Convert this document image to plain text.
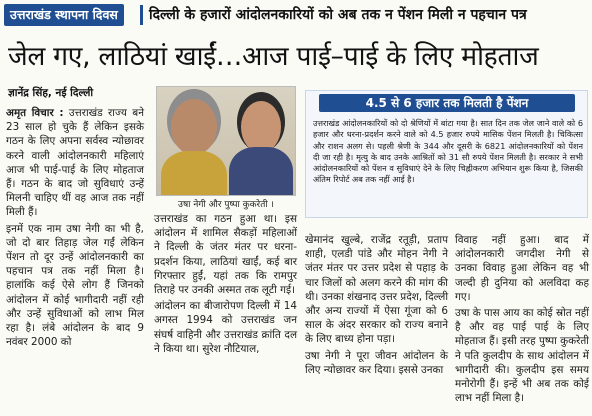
उत्तराखंड स्थापना दिवस	दिल्ली के हजारों आंदोलनकारियों को अब तक न पेंशन मिली न पहचान पत्र
जेल गए, लाठियां खाईं…आज पाई–पाई के लिए मोहताज
ज्ञानेंद्र सिंह, नई दिल्ली
उषा नेगी और पुष्पा कुकरेती ।
4.5 से 6 हजार तक मिलती है पेंशन
उत्तराखंड आंदोलनकारियों को दो श्रेणियों में बांटा गया है। सात दिन तक जेल जाने वाले को 6 हजार और धरना-प्रदर्शन करने वाले को 4.5 हजार रुपये मासिक पेंशन मिलती है। चिकित्सा और राशन अलग से। पहली श्रेणी के 344 और दूसरी के 6821 आंदोलनकारियों को पेंशन दी जा रही है। मृत्यु के बाद उनके आश्रितों को 31 सौ रुपये पेंशन मिलती है। सरकार ने सभी आंदोलनकारियों को पेंशन व सुविधाएं देने के लिए चिह्नीकरण अभियान शुरू किया है, जिसकी अंतिम रिपोर्ट अब तक नहीं आई है।

अमृत विचार : उत्तराखंड राज्य बने 23 साल हो चुके हैं लेकिन इसके गठन के लिए अपना सर्वस्व न्योछावर करने वाली आंदोलनकारी महिलाएं आज भी पाई-पाई के लिए मोहताज हैं। गठन के बाद जो सुविधाएं उन्हें मिलनी चाहिए थीं वह आज तक नहीं मिली हैं।

इनमें एक नाम उषा नेगी का भी है, जो दो बार तिहाड़ जेल गईं लेकिन पेंशन तो दूर उन्हें आंदोलनकारी का पहचान पत्र तक नहीं मिला है। हालांकि कई ऐसे लोग हैं जिनको आंदोलन में कोई भागीदारी नहीं रही और उन्हें सुविधाओं को लाभ मिल रहा है। लंबे आंदोलन के बाद 9 नवंबर 2000 को

उत्तराखंड का गठन हुआ था। इस आंदोलन में शामिल सैकड़ों महिलाओं ने दिल्ली के जंतर मंतर पर धरना-प्रदर्शन किया, लाठियां खाईं, कई बार गिरफ्तार हुईं, यहां तक कि रामपुर तिराहे पर उनकी अस्मत तक लूटी गई।

आंदोलन का बीजारोपण दिल्ली में 14 अगस्त 1994 को उत्तराखंड जन संघर्ष वाहिनी और उत्तराखंड क्रांति दल ने किया था। सुरेश नौटियाल,

खेमानंद खुल्बे, राजेंद्र रतूड़ी, प्रताप शाही, एलडी पांडे और मोहन नेगी ने जंतर मंतर पर उत्तर प्रदेश से पहाड़ के चार जिलों को अलग करने की मांग की थी। उनका शंखनाद उत्तर प्रदेश, दिल्ली और अन्य राज्यों में ऐसा गूंजा को 6 साल के अंदर सरकार को राज्य बनाने के लिए बाध्य होना पड़ा।

उषा नेगी ने पूरा जीवन आंदोलन के लिए न्योछावर कर दिया। इससे उनका

विवाह नहीं हुआ। बाद में आंदोलनकारी जगदीश नेगी से उनका विवाह हुआ लेकिन वह भी जल्दी ही दुनिया को अलविदा कह गए।

उषा के पास आय का कोई स्रोत नहीं है और वह पाई पाई के लिए मोहताज हैं। इसी तरह पुष्पा कुकरेती ने पति कुलदीप के साथ आंदोलन में भागीदारी की। कुलदीप इस समय मनोरोगी हैं। इन्हें भी अब तक कोई लाभ नहीं मिला है।
